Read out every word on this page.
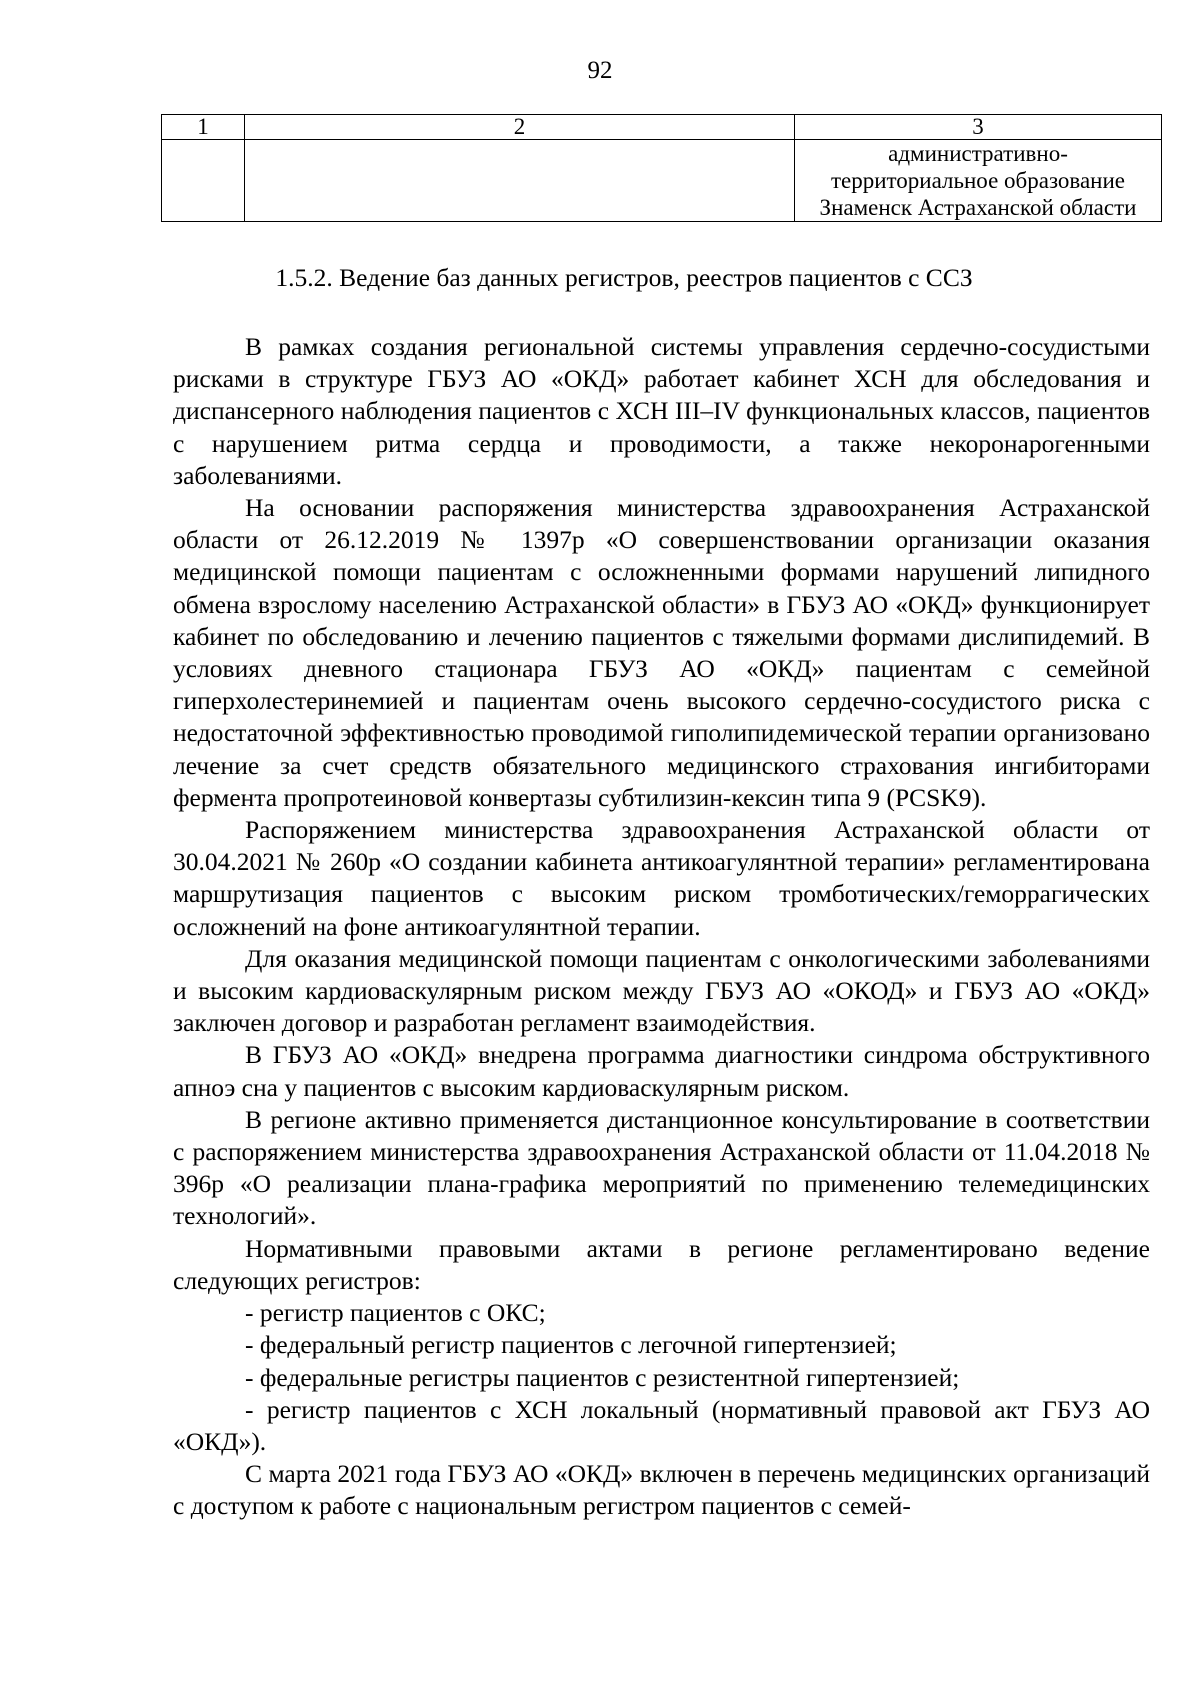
92
1	2	3

		административно-
территориальное образование
Знаменск Астраханской области
1.5.2. Ведение баз данных регистров, реестров пациентов с ССЗ

В рамках создания региональной системы управления сердечно-сосудистыми рисками в структуре ГБУЗ АО «ОКД» работает кабинет ХСН для обследования и диспансерного наблюдения пациентов с ХСН III–IV функциональных классов, пациентов с нарушением ритма сердца и проводимости, а также некоронарогенными заболеваниями.

На основании распоряжения министерства здравоохранения Астраханской области от 26.12.2019 № 1397р «О совершенствовании организации оказания медицинской помощи пациентам с осложненными формами нарушений липидного обмена взрослому населению Астраханской области» в ГБУЗ АО «ОКД» функционирует кабинет по обследованию и лечению пациентов с тяжелыми формами дислипидемий. В условиях дневного стационара ГБУЗ АО «ОКД» пациентам с семейной гиперхолестеринемией и пациентам очень высокого сердечно-сосудистого риска с недостаточной эффективностью проводимой гиполипидемической терапии организовано лечение за счет средств обязательного медицинского страхования ингибиторами фермента пропротеиновой конвертазы субтилизин-кексин типа 9 (PCSK9).

Распоряжением министерства здравоохранения Астраханской области от 30.04.2021 № 260р «О создании кабинета антикоагулянтной терапии» регламентирована маршрутизация пациентов с высоким риском тромботических/геморрагических осложнений на фоне антикоагулянтной терапии.

Для оказания медицинской помощи пациентам с онкологическими заболеваниями и высоким кардиоваскулярным риском между ГБУЗ АО «ОКОД» и ГБУЗ АО «ОКД» заключен договор и разработан регламент взаимодействия.

В ГБУЗ АО «ОКД» внедрена программа диагностики синдрома обструктивного апноэ сна у пациентов с высоким кардиоваскулярным риском.

В регионе активно применяется дистанционное консультирование в соответствии с распоряжением министерства здравоохранения Астраханской области от 11.04.2018 № 396р «О реализации плана-графика мероприятий по применению телемедицинских технологий».

Нормативными правовыми актами в регионе регламентировано ведение следующих регистров:

- регистр пациентов с ОКС;

- федеральный регистр пациентов с легочной гипертензией;

- федеральные регистры пациентов с резистентной гипертензией;

- регистр пациентов с ХСН локальный (нормативный правовой акт ГБУЗ АО «ОКД»).

С марта 2021 года ГБУЗ АО «ОКД» включен в перечень медицинских организаций с доступом к работе с национальным регистром пациентов с семей-
